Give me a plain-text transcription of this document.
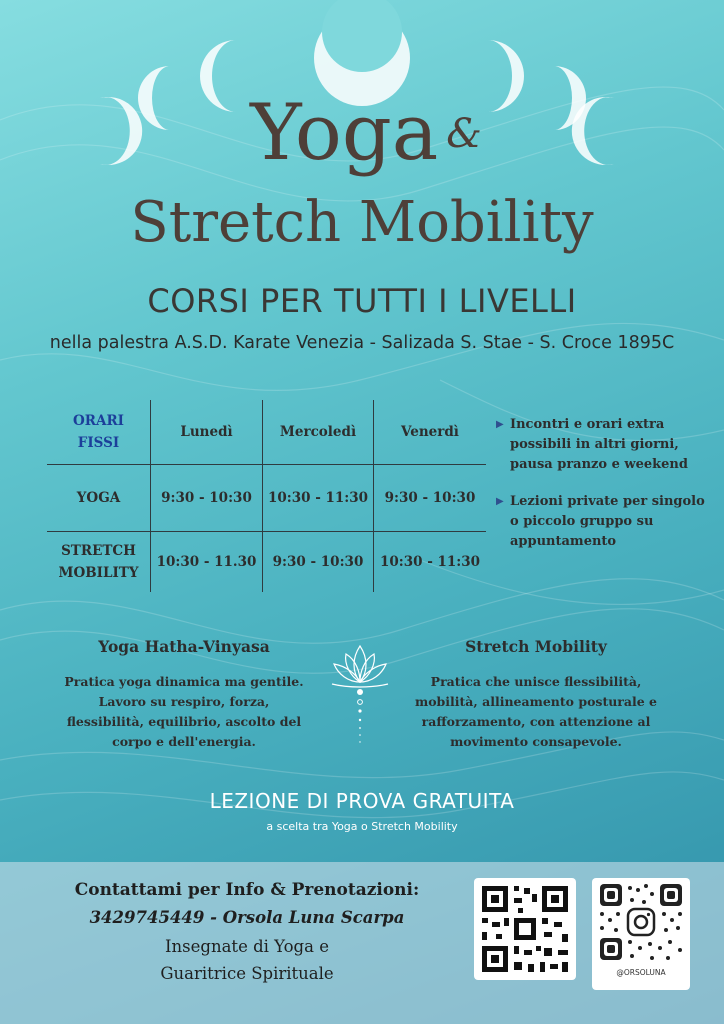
Yoga &
Stretch Mobility
CORSI PER TUTTI I LIVELLI
nella palestra A.S.D. Karate Venezia - Salizada S. Stae - S. Croce 1895C
ORARI
FISSI	Lunedì	Mercoledì	Venerdì
YOGA	9:30 - 10:30	10:30 - 11:30	9:30 - 10:30

STRETCH
MOBILITY	10:30 - 11.30	9:30 - 10:30	10:30 - 11:30
▶ Incontri e orari extra possibili in altri giorni, pausa pranzo e weekend
▶ Lezioni private per singolo o piccolo gruppo su appuntamento
Yoga Hatha-Vinyasa
Pratica yoga dinamica ma gentile. Lavoro su respiro, forza, flessibilità, equilibrio, ascolto del corpo e dell'energia.
Stretch Mobility
Pratica che unisce flessibilità, mobilità, allineamento posturale e rafforzamento, con attenzione al movimento consapevole.
LEZIONE DI PROVA GRATUITA
a scelta tra Yoga o Stretch Mobility
Contattami per Info & Prenotazioni:
3429745449 - Orsola Luna Scarpa
Insegnate di Yoga e
Guaritrice Spirituale	@ORSOLUNA
